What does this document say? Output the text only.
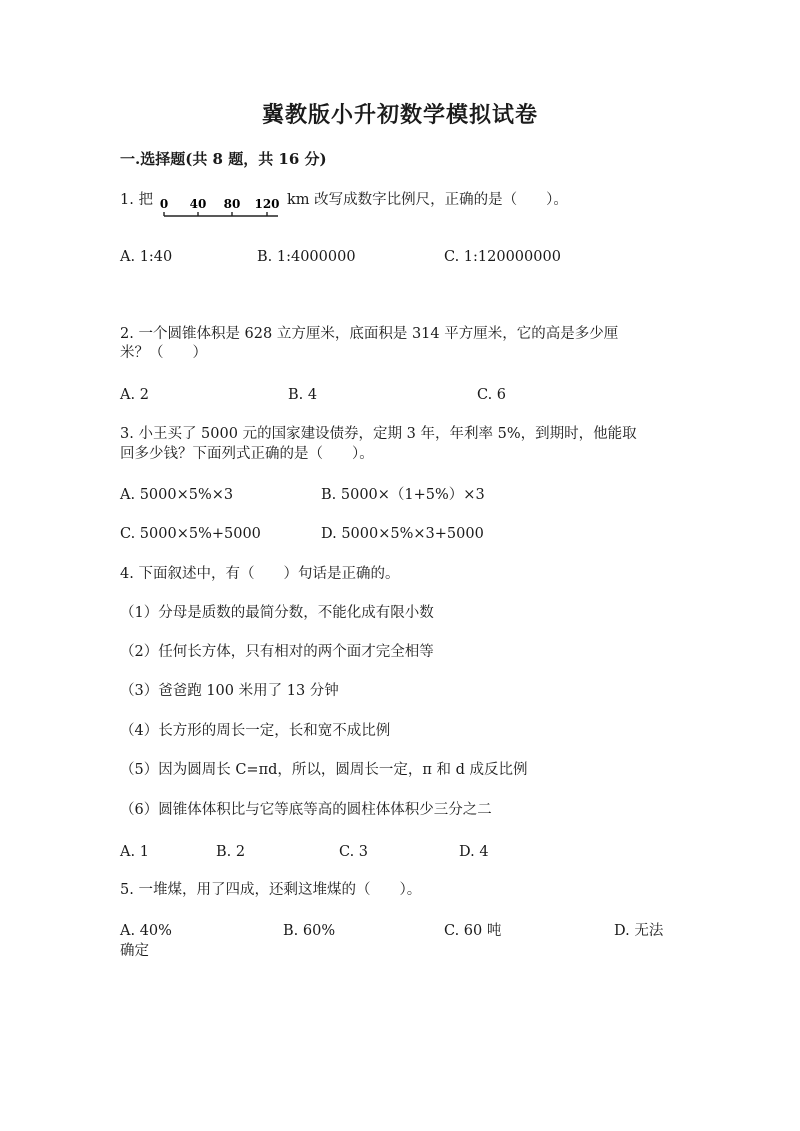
冀教版小升初数学模拟试卷
一.选择题(共 8 题，共 16 分)
1. 把 0 40 80 120 km 改写成数字比例尺，正确的是（　　）。
A. 1:40	B. 1:4000000	C. 1:120000000
2. 一个圆锥体积是 628 立方厘米，底面积是 314 平方厘米，它的高是多少厘
米？（　　）
A. 2	B. 4	C. 6
3. 小王买了 5000 元的国家建设债券，定期 3 年，年利率 5%，到期时，他能取
回多少钱？下面列式正确的是（　　）。
A. 5000×5%×3	B. 5000×（1+5%）×3
C. 5000×5%+5000	D. 5000×5%×3+5000
4. 下面叙述中，有（　　）句话是正确的。
（1）分母是质数的最简分数，不能化成有限小数
（2）任何长方体，只有相对的两个面才完全相等
（3）爸爸跑 100 米用了 13 分钟
（4）长方形的周长一定，长和宽不成比例
（5）因为圆周长 C=πd，所以，圆周长一定，π 和 d 成反比例
（6）圆锥体体积比与它等底等高的圆柱体体积少三分之二
A. 1	B. 2	C. 3	D. 4
5. 一堆煤，用了四成，还剩这堆煤的（　　）。
A. 40%	B. 60%	C. 60 吨	D. 无法
确定
